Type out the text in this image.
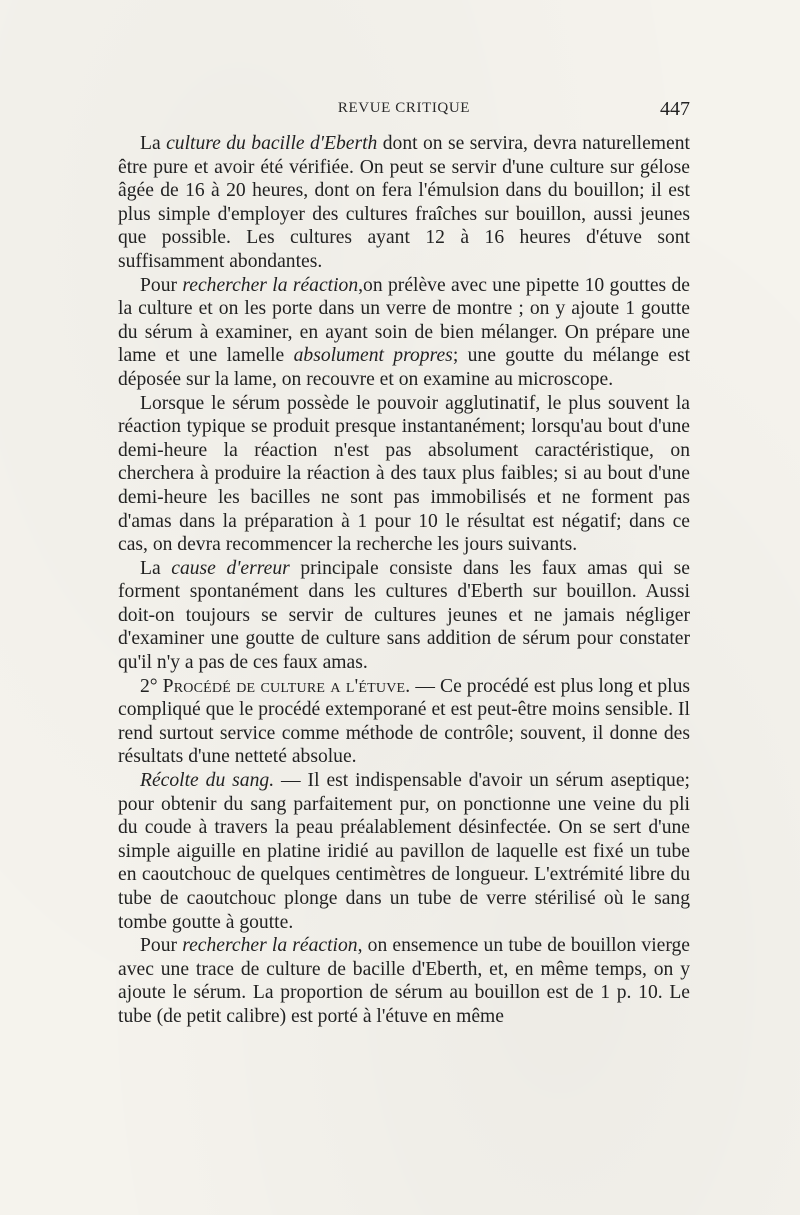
REVUE CRITIQUE	447

La culture du bacille d'Eberth dont on se servira, devra naturellement être pure et avoir été vérifiée. On peut se servir d'une culture sur gélose âgée de 16 à 20 heures, dont on fera l'émulsion dans du bouillon; il est plus simple d'employer des cultures fraîches sur bouillon, aussi jeunes que possible. Les cultures ayant 12 à 16 heures d'étuve sont suffisamment abondantes.

Pour rechercher la réaction,on prélève avec une pipette 10 gouttes de la culture et on les porte dans un verre de montre ; on y ajoute 1 goutte du sérum à examiner, en ayant soin de bien mélanger. On prépare une lame et une lamelle absolument propres; une goutte du mélange est déposée sur la lame, on recouvre et on examine au microscope.

Lorsque le sérum possède le pouvoir agglutinatif, le plus souvent la réaction typique se produit presque instantanément; lorsqu'au bout d'une demi-heure la réaction n'est pas absolument caractéristique, on cherchera à produire la réaction à des taux plus faibles; si au bout d'une demi-heure les bacilles ne sont pas immobilisés et ne forment pas d'amas dans la préparation à 1 pour 10 le résultat est négatif; dans ce cas, on devra recommencer la recherche les jours suivants.

La cause d'erreur principale consiste dans les faux amas qui se forment spontanément dans les cultures d'Eberth sur bouillon. Aussi doit-on toujours se servir de cultures jeunes et ne jamais négliger d'examiner une goutte de culture sans addition de sérum pour constater qu'il n'y a pas de ces faux amas.

2° Procédé de culture a l'étuve. — Ce procédé est plus long et plus compliqué que le procédé extemporané et est peut-être moins sensible. Il rend surtout service comme méthode de contrôle; souvent, il donne des résultats d'une netteté absolue.

Récolte du sang. — Il est indispensable d'avoir un sérum aseptique; pour obtenir du sang parfaitement pur, on ponctionne une veine du pli du coude à travers la peau préalablement désinfectée. On se sert d'une simple aiguille en platine iridié au pavillon de laquelle est fixé un tube en caoutchouc de quelques centimètres de longueur. L'extrémité libre du tube de caoutchouc plonge dans un tube de verre stérilisé où le sang tombe goutte à goutte.

Pour rechercher la réaction, on ensemence un tube de bouillon vierge avec une trace de culture de bacille d'Eberth, et, en même temps, on y ajoute le sérum. La proportion de sérum au bouillon est de 1 p. 10. Le tube (de petit calibre) est porté à l'étuve en même
